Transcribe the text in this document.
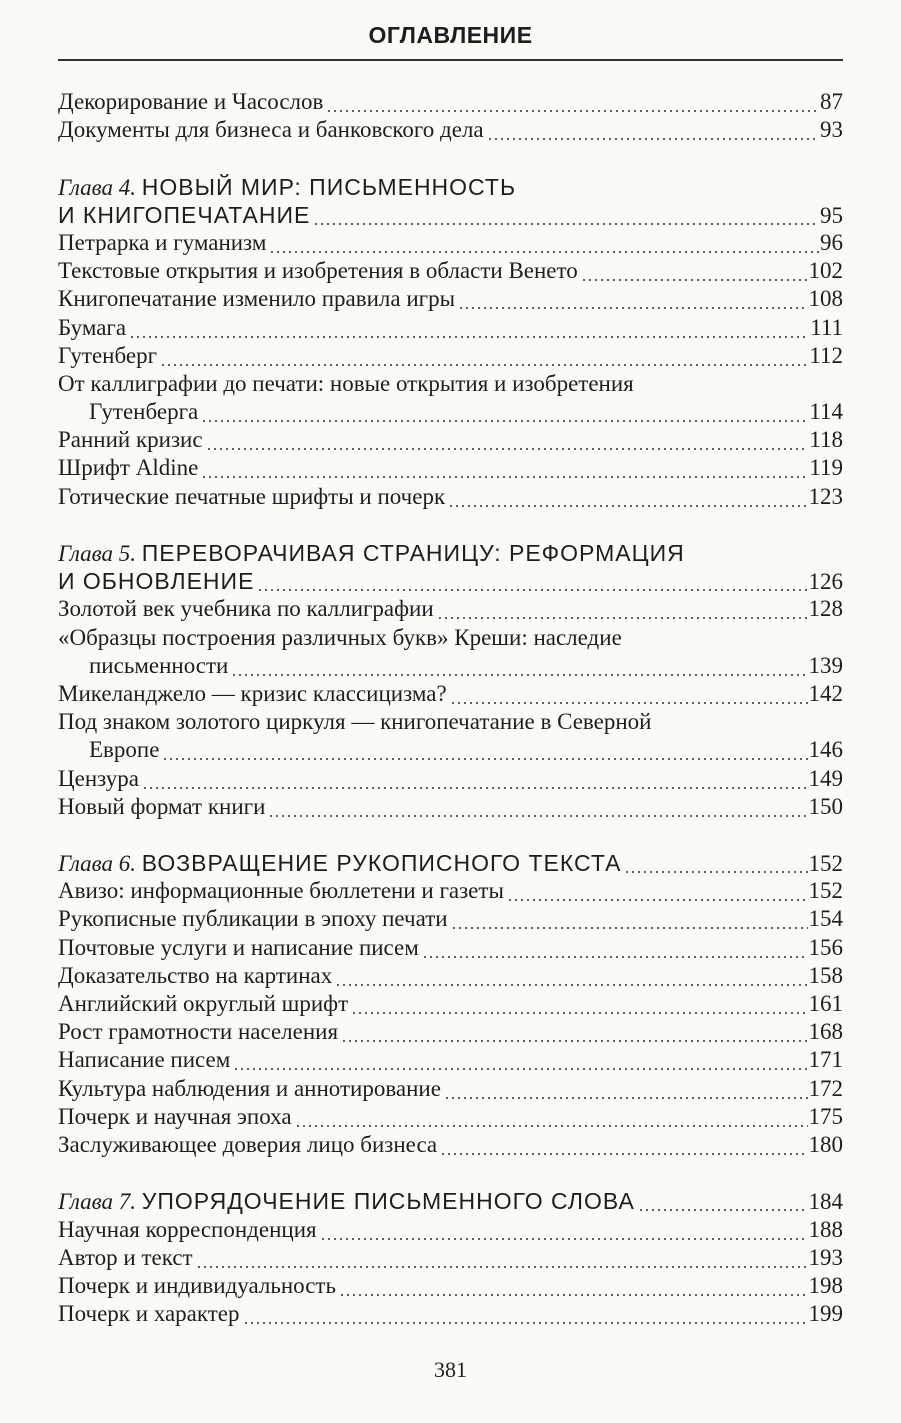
ОГЛАВЛЕНИЕ
Декорирование и Часослов	87
Документы для бизнеса и банковского дела	93
Глава 4. НОВЫЙ МИР: ПИСЬМЕННОСТЬ
И КНИГОПЕЧАТАНИЕ	95
Петрарка и гуманизм	96
Текстовые открытия и изобретения в области Венето	102
Книгопечатание изменило правила игры	108
Бумага	111
Гутенберг	112
От каллиграфии до печати: новые открытия и изобретения
Гутенберга	114
Ранний кризис	118
Шрифт Aldine	119
Готические печатные шрифты и почерк	123
Глава 5. ПЕРЕВОРАЧИВАЯ СТРАНИЦУ: РЕФОРМАЦИЯ
И ОБНОВЛЕНИЕ	126
Золотой век учебника по каллиграфии	128
«Образцы построения различных букв» Креши: наследие
письменности	139
Микеланджело — кризис классицизма?	142
Под знаком золотого циркуля — книгопечатание в Северной
Европе	146
Цензура	149
Новый формат книги	150
Глава 6. ВОЗВРАЩЕНИЕ РУКОПИСНОГО ТЕКСТА	152
Авизо: информационные бюллетени и газеты	152
Рукописные публикации в эпоху печати	154
Почтовые услуги и написание писем	156
Доказательство на картинах	158
Английский округлый шрифт	161
Рост грамотности населения	168
Написание писем	171
Культура наблюдения и аннотирование	172
Почерк и научная эпоха	175
Заслуживающее доверия лицо бизнеса	180
Глава 7. УПОРЯДОЧЕНИЕ ПИСЬМЕННОГО СЛОВА	184
Научная корреспонденция	188
Автор и текст	193
Почерк и индивидуальность	198
Почерк и характер	199
381
